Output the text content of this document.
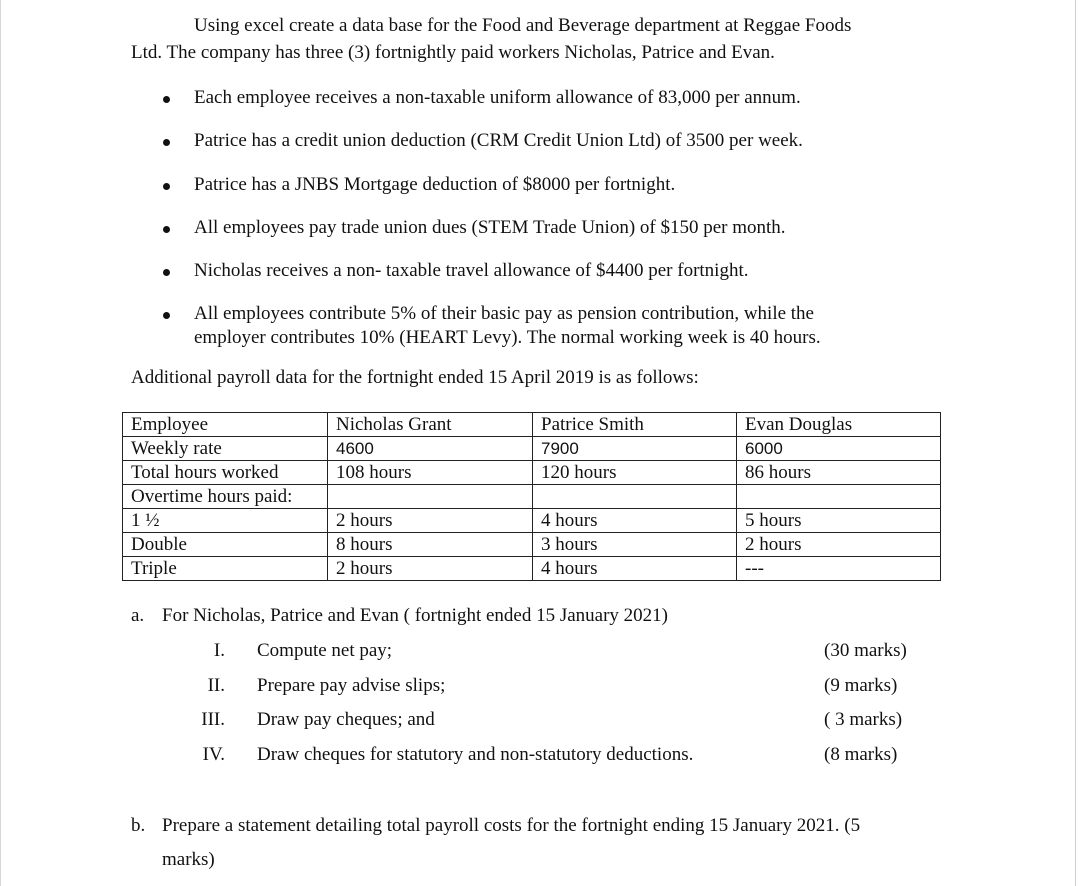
Using excel create a data base for the Food and Beverage department at Reggae Foods
Ltd. The company has three (3) fortnightly paid workers Nicholas, Patrice and Evan.

Each employee receives a non-taxable uniform allowance of 83,000 per annum.
Patrice has a credit union deduction (CRM Credit Union Ltd) of 3500 per week.
Patrice has a JNBS Mortgage deduction of $8000 per fortnight.
All employees pay trade union dues (STEM Trade Union) of $150 per month.
Nicholas receives a non- taxable travel allowance of $4400 per fortnight.
All employees contribute 5% of their basic pay as pension contribution, while the
employer contributes 10% (HEART Levy). The normal working week is 40 hours.

Additional payroll data for the fortnight ended 15 April 2019 is as follows:

Employee	Nicholas Grant	Patrice Smith	Evan Douglas
Weekly rate	4600	7900	6000
Total hours worked	108 hours	120 hours	86 hours
Overtime hours paid:			
1 ½	2 hours	4 hours	5 hours
Double	8 hours	3 hours	2 hours
Triple	2 hours	4 hours	---
a. For Nicholas, Patrice and Evan ( fortnight ended 15 January 2021)
I. Compute net pay;	(30 marks)
II. Prepare pay advise slips;	(9 marks)
III. Draw pay cheques; and	( 3 marks)
IV. Draw cheques for statutory and non-statutory deductions.	(8 marks)
b. Prepare a statement detailing total payroll costs for the fortnight ending 15 January 2021. (5
marks)
